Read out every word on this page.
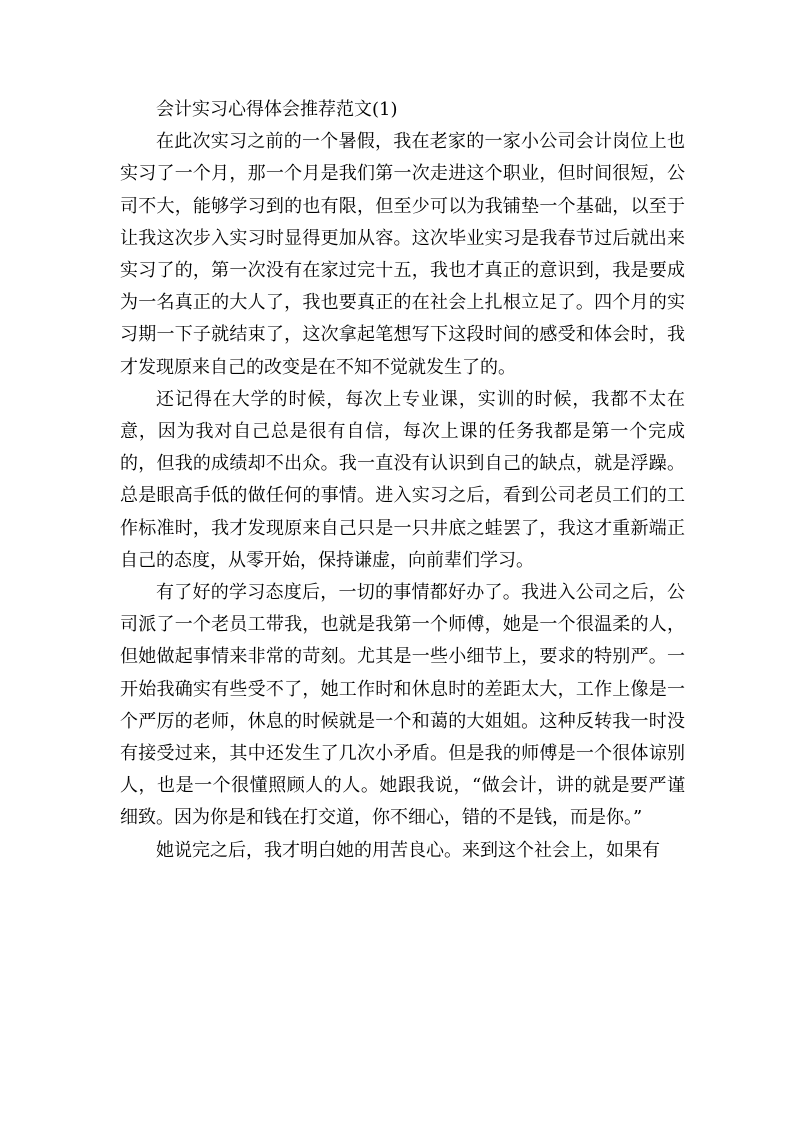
会计实习心得体会推荐范文(1)

在此次实习之前的一个暑假，我在老家的一家小公司会计岗位上也实习了一个月，那一个月是我们第一次走进这个职业，但时间很短，公司不大，能够学习到的也有限，但至少可以为我铺垫一个基础，以至于让我这次步入实习时显得更加从容。这次毕业实习是我春节过后就出来实习了的，第一次没有在家过完十五，我也才真正的意识到，我是要成为一名真正的大人了，我也要真正的在社会上扎根立足了。四个月的实习期一下子就结束了，这次拿起笔想写下这段时间的感受和体会时，我才发现原来自己的改变是在不知不觉就发生了的。

还记得在大学的时候，每次上专业课，实训的时候，我都不太在意，因为我对自己总是很有自信，每次上课的任务我都是第一个完成的，但我的成绩却不出众。我一直没有认识到自己的缺点，就是浮躁。总是眼高手低的做任何的事情。进入实习之后，看到公司老员工们的工作标准时，我才发现原来自己只是一只井底之蛙罢了，我这才重新端正自己的态度，从零开始，保持谦虚，向前辈们学习。

有了好的学习态度后，一切的事情都好办了。我进入公司之后，公司派了一个老员工带我，也就是我第一个师傅，她是一个很温柔的人，但她做起事情来非常的苛刻。尤其是一些小细节上，要求的特别严。一开始我确实有些受不了，她工作时和休息时的差距太大，工作上像是一个严厉的老师，休息的时候就是一个和蔼的大姐姐。这种反转我一时没有接受过来，其中还发生了几次小矛盾。但是我的师傅是一个很体谅别人，也是一个很懂照顾人的人。她跟我说，“做会计，讲的就是要严谨细致。因为你是和钱在打交道，你不细心，错的不是钱，而是你。”

她说完之后，我才明白她的用苦良心。来到这个社会上，如果有
